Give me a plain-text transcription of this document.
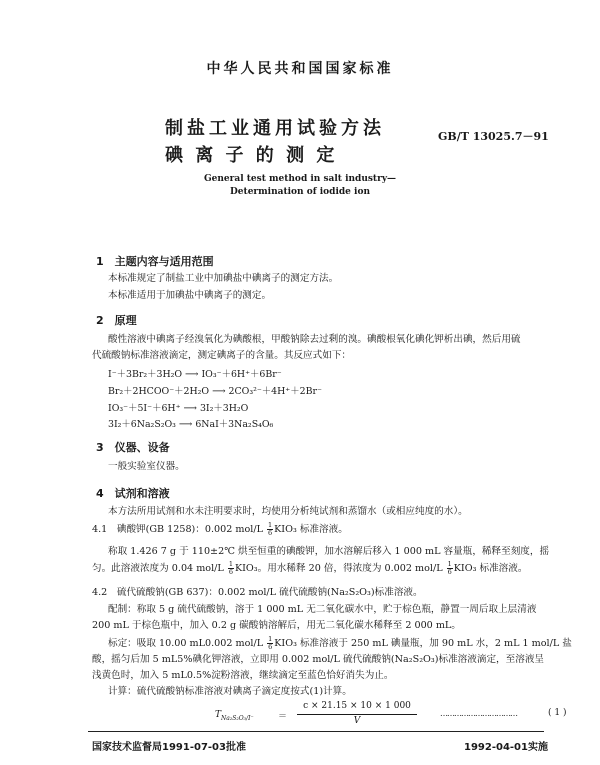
中华人民共和国国家标准
制盐工业通用试验方法
碘 离 子 的 测 定
GB/T 13025.7－91
General test method in salt industry—
Determination of iodide ion
1　主题内容与适用范围
本标准规定了制盐工业中加碘盐中碘离子的测定方法。
本标准适用于加碘盐中碘离子的测定。
2　原理
酸性溶液中碘离子经溴氧化为碘酸根，甲酸钠除去过剩的溴。碘酸根氧化碘化钾析出碘，然后用硫
代硫酸钠标准溶液滴定，测定碘离子的含量。其反应式如下：
I⁻＋3Br₂＋3H₂O ⟶ IO₃⁻＋6H⁺＋6Br⁻
Br₂＋2HCOO⁻＋2H₂O ⟶ 2CO₃²⁻＋4H⁺＋2Br⁻
IO₃⁻＋5I⁻＋6H⁺ ⟶ 3I₂＋3H₂O
3I₂＋6Na₂S₂O₃ ⟶ 6NaI＋3Na₂S₄O₆
3　仪器、设备
一般实验室仪器。
4　试剂和溶液
本方法所用试剂和水未注明要求时，均使用分析纯试剂和蒸馏水（或相应纯度的水）。
4.1　碘酸钾(GB 1258)：0.002 $mol/L \frac{1}{6} KIO_3$ 标准溶液。
称取 1.426 7 g 于 110±2℃ 烘至恒重的碘酸钾，加水溶解后移入 1 000 mL 容量瓶，稀释至刻度，摇
匀。此溶液浓度为 0.04 $mol/L \frac{1}{6} KIO_3$。用水稀释 20 倍，得浓度为 0.002 $mol/L \frac{1}{6} KIO_3$ 标准溶液。
4.2　硫代硫酸钠(GB 637)：0.002 mol/L 硫代硫酸钠(Na₂S₂O₃)标准溶液。
配制：称取 5 g 硫代硫酸钠，溶于 1 000 mL 无二氧化碳水中，贮于棕色瓶，静置一周后取上层清液
200 mL 于棕色瓶中，加入 0.2 g 碳酸钠溶解后，用无二氧化碳水稀释至 2 000 mL。
标定：吸取 10.00 mL0.002 $mol/L \frac{1}{6} KIO_3$ 标准溶液于 250 mL 碘量瓶，加 90 mL 水，2 mL 1 mol/L 盐
酸，摇匀后加 5 mL5%碘化钾溶液，立即用 0.002 mol/L 硫代硫酸钠(Na₂S₂O₃)标准溶液滴定，至溶液呈
浅黄色时，加入 5 mL0.5%淀粉溶液，继续滴定至蓝色恰好消失为止。
计算：硫代硫酸钠标准溶液对碘离子滴定度按式(1)计算。
$T_{Na_2S_2O_3/I^-}$	＝
c × 21.15 × 10 × 1 000
V
……………………………	( 1 )
国家技术监督局1991-07-03批准	1992-04-01实施
